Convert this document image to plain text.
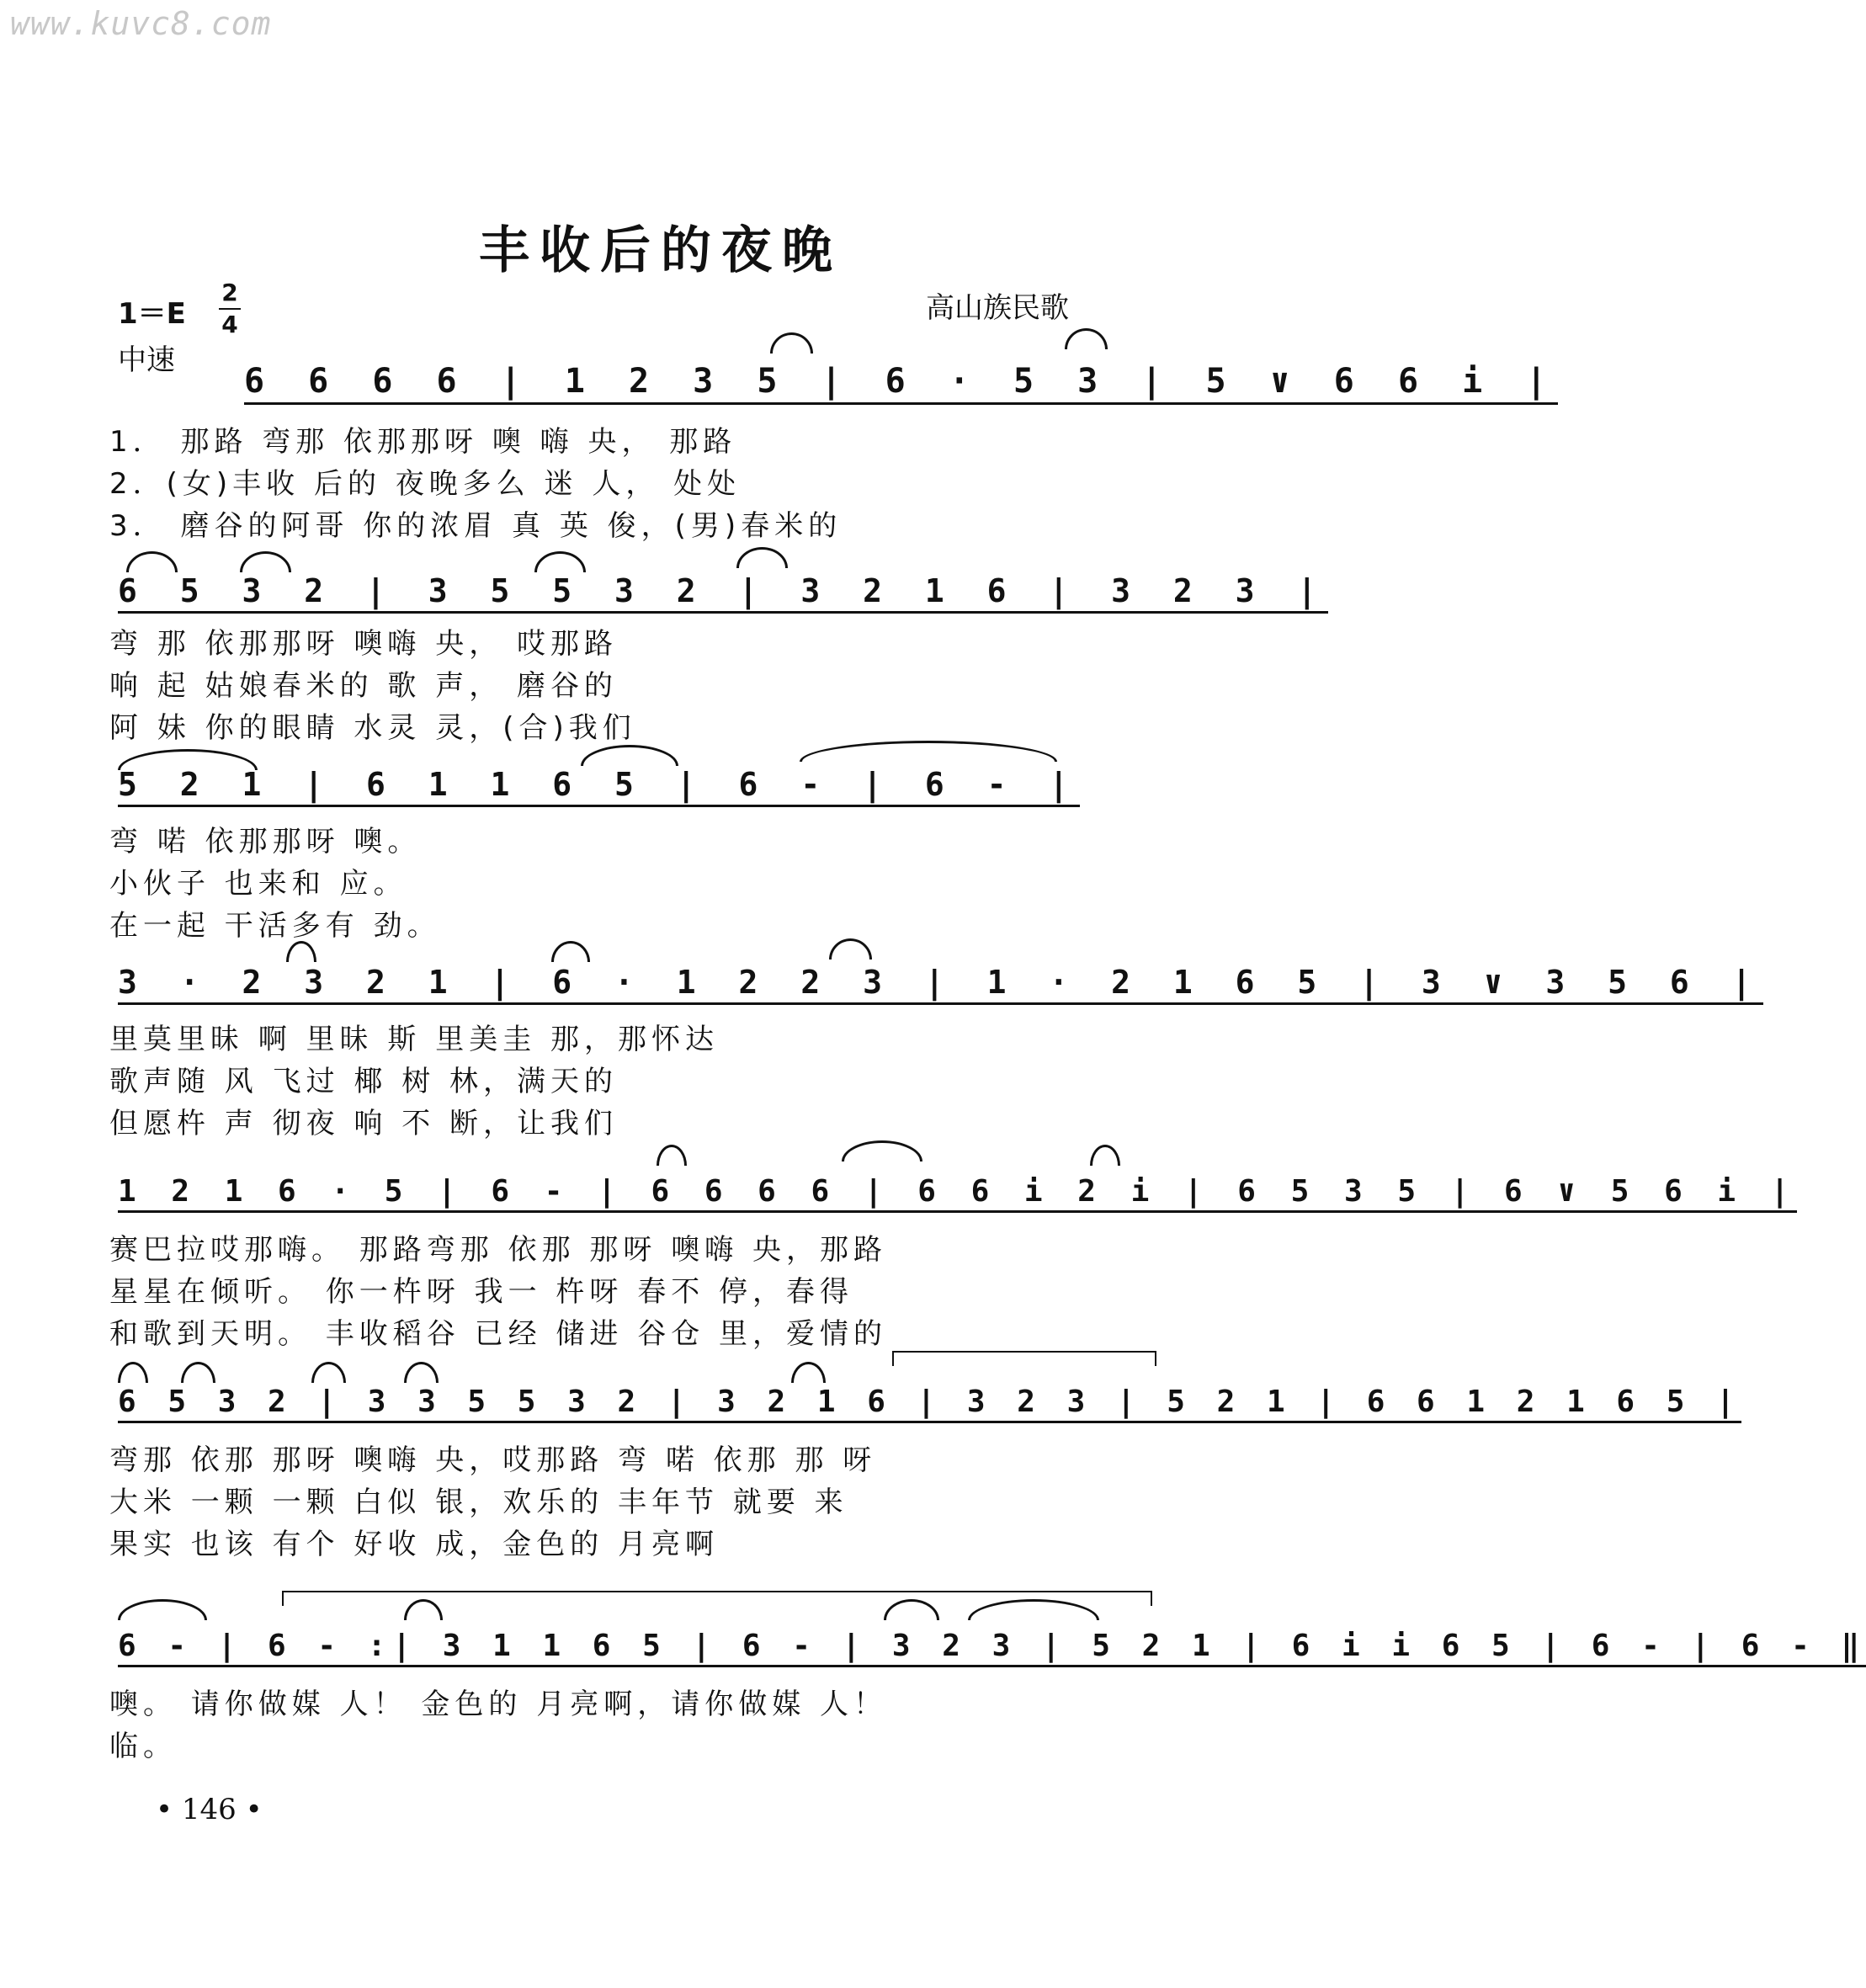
www.kuvc8.com
丰收后的夜晚
1＝E
2
4
中速
高山族民歌
6 6 6 6 | 1 2 3 5 | 6 · 5 3 | 5 ∨ 6 6 i |
1． 那路 弯那 依那那呀 噢 嗨 央， 那路
2．(女)丰收 后的 夜晚多么 迷 人， 处处
3． 磨谷的阿哥 你的浓眉 真 英 俊，(男)春米的
6 5 3 2 | 3 5 5 3 2 | 3 2 1 6 | 3 2 3 |
弯 那 依那那呀 噢嗨 央， 哎那路
响 起 姑娘春米的 歌 声， 磨谷的
阿 妹 你的眼睛 水灵 灵，(合)我们
5 2 1 | 6 1 1 6 5 | 6 - | 6 - |
弯 喏 依那那呀 噢。
小伙子 也来和 应。
在一起 干活多有 劲。
3 · 2 3 2 1 | 6 · 1 2 2 3 | 1 · 2 1 6 5 | 3 ∨ 3 5 6 |
里莫里昧 啊 里昧 斯 里美圭 那，那怀达
歌声随 风 飞过 椰 树 林，满天的
但愿杵 声 彻夜 响 不 断，让我们
1 2 1 6 · 5 | 6 - | 6 6 6 6 | 6 6 i 2 i | 6 5 3 5 | 6 ∨ 5 6 i |
赛巴拉哎那嗨。 那路弯那 依那 那呀 噢嗨 央，那路
星星在倾听。 你一杵呀 我一 杵呀 春不 停，春得
和歌到天明。 丰收稻谷 已经 储进 谷仓 里，爱情的
6 5 3 2 | 3 3 5 5 3 2 | 3 2 1 6 | 3 2 3 | 5 2 1 | 6 6 1 2 1 6 5 |
弯那 依那 那呀 噢嗨 央，哎那路 弯 喏 依那 那 呀
大米 一颗 一颗 白似 银，欢乐的 丰年节 就要 来
果实 也该 有个 好收 成，金色的 月亮啊
6 - | 6 - :| 3 1 1 6 5 | 6 - | 3 2 3 | 5 2 1 | 6 i i 6 5 | 6 - | 6 - ‖
噢。 请你做媒 人！ 金色的 月亮啊，请你做媒 人！
临。
• 146 •
